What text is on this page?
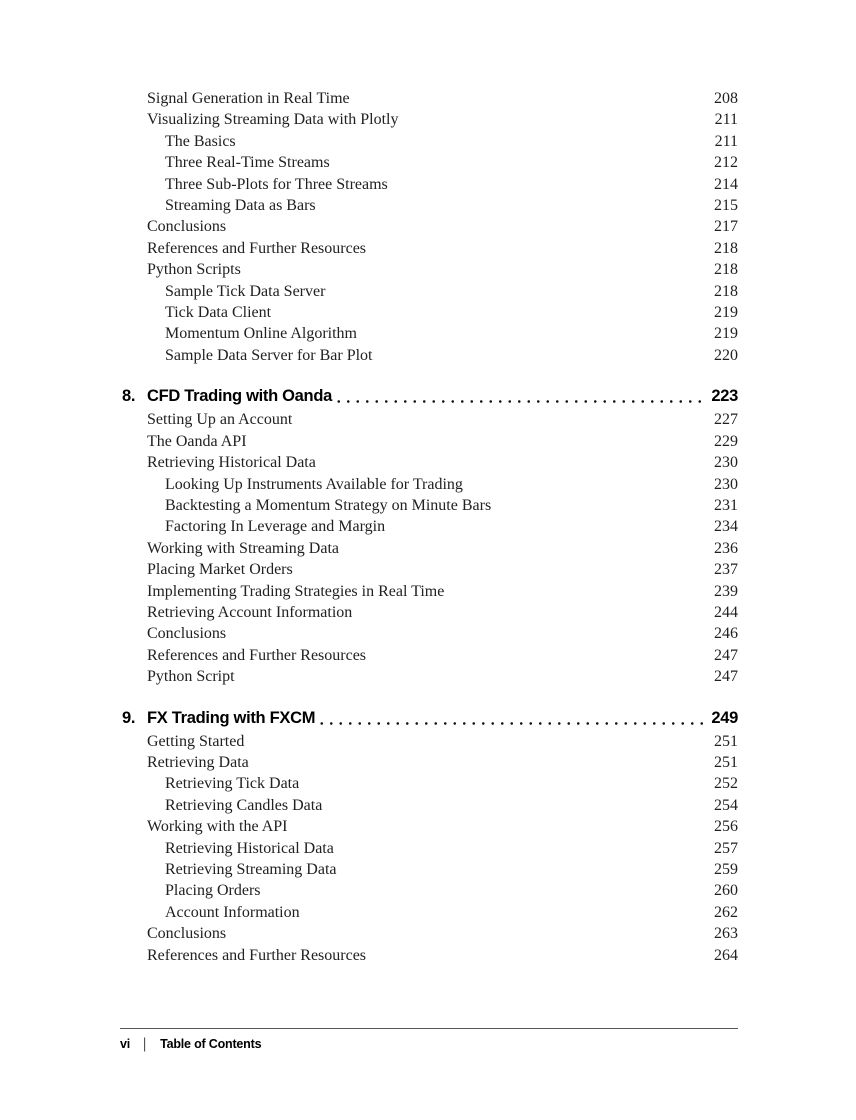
Signal Generation in Real Time	208
Visualizing Streaming Data with Plotly	211
The Basics	211
Three Real-Time Streams	212
Three Sub-Plots for Three Streams	214
Streaming Data as Bars	215
Conclusions	217
References and Further Resources	218
Python Scripts	218
Sample Tick Data Server	218
Tick Data Client	219
Momentum Online Algorithm	219
Sample Data Server for Bar Plot	220
8. CFD Trading with Oanda	223
Setting Up an Account	227
The Oanda API	229
Retrieving Historical Data	230
Looking Up Instruments Available for Trading	230
Backtesting a Momentum Strategy on Minute Bars	231
Factoring In Leverage and Margin	234
Working with Streaming Data	236
Placing Market Orders	237
Implementing Trading Strategies in Real Time	239
Retrieving Account Information	244
Conclusions	246
References and Further Resources	247
Python Script	247
9. FX Trading with FXCM	249
Getting Started	251
Retrieving Data	251
Retrieving Tick Data	252
Retrieving Candles Data	254
Working with the API	256
Retrieving Historical Data	257
Retrieving Streaming Data	259
Placing Orders	260
Account Information	262
Conclusions	263
References and Further Resources	264
vi | Table of Contents
